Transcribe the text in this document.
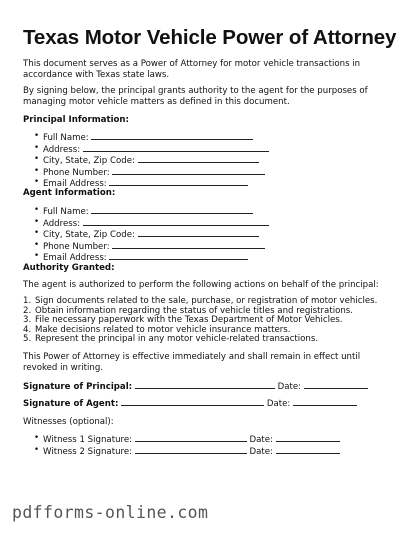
Texas Motor Vehicle Power of Attorney

This document serves as a Power of Attorney for motor vehicle transactions in accordance with Texas state laws.

By signing below, the principal grants authority to the agent for the purposes of managing motor vehicle matters as defined in this document.

Principal Information:

• Full Name:
• Address:
• City, State, Zip Code:
• Phone Number:
• Email Address:

Agent Information:

• Full Name:
• Address:
• City, State, Zip Code:
• Phone Number:
• Email Address:

Authority Granted:

The agent is authorized to perform the following actions on behalf of the principal:

1. Sign documents related to the sale, purchase, or registration of motor vehicles.
2. Obtain information regarding the status of vehicle titles and registrations.
3. File necessary paperwork with the Texas Department of Motor Vehicles.
4. Make decisions related to motor vehicle insurance matters.
5. Represent the principal in any motor vehicle-related transactions.

This Power of Attorney is effective immediately and shall remain in effect until revoked in writing.

Signature of Principal:	Date:

Signature of Agent:	Date:

Witnesses (optional):

• Witness 1 Signature:	Date:
• Witness 2 Signature:	Date:
pdfforms-online.com
